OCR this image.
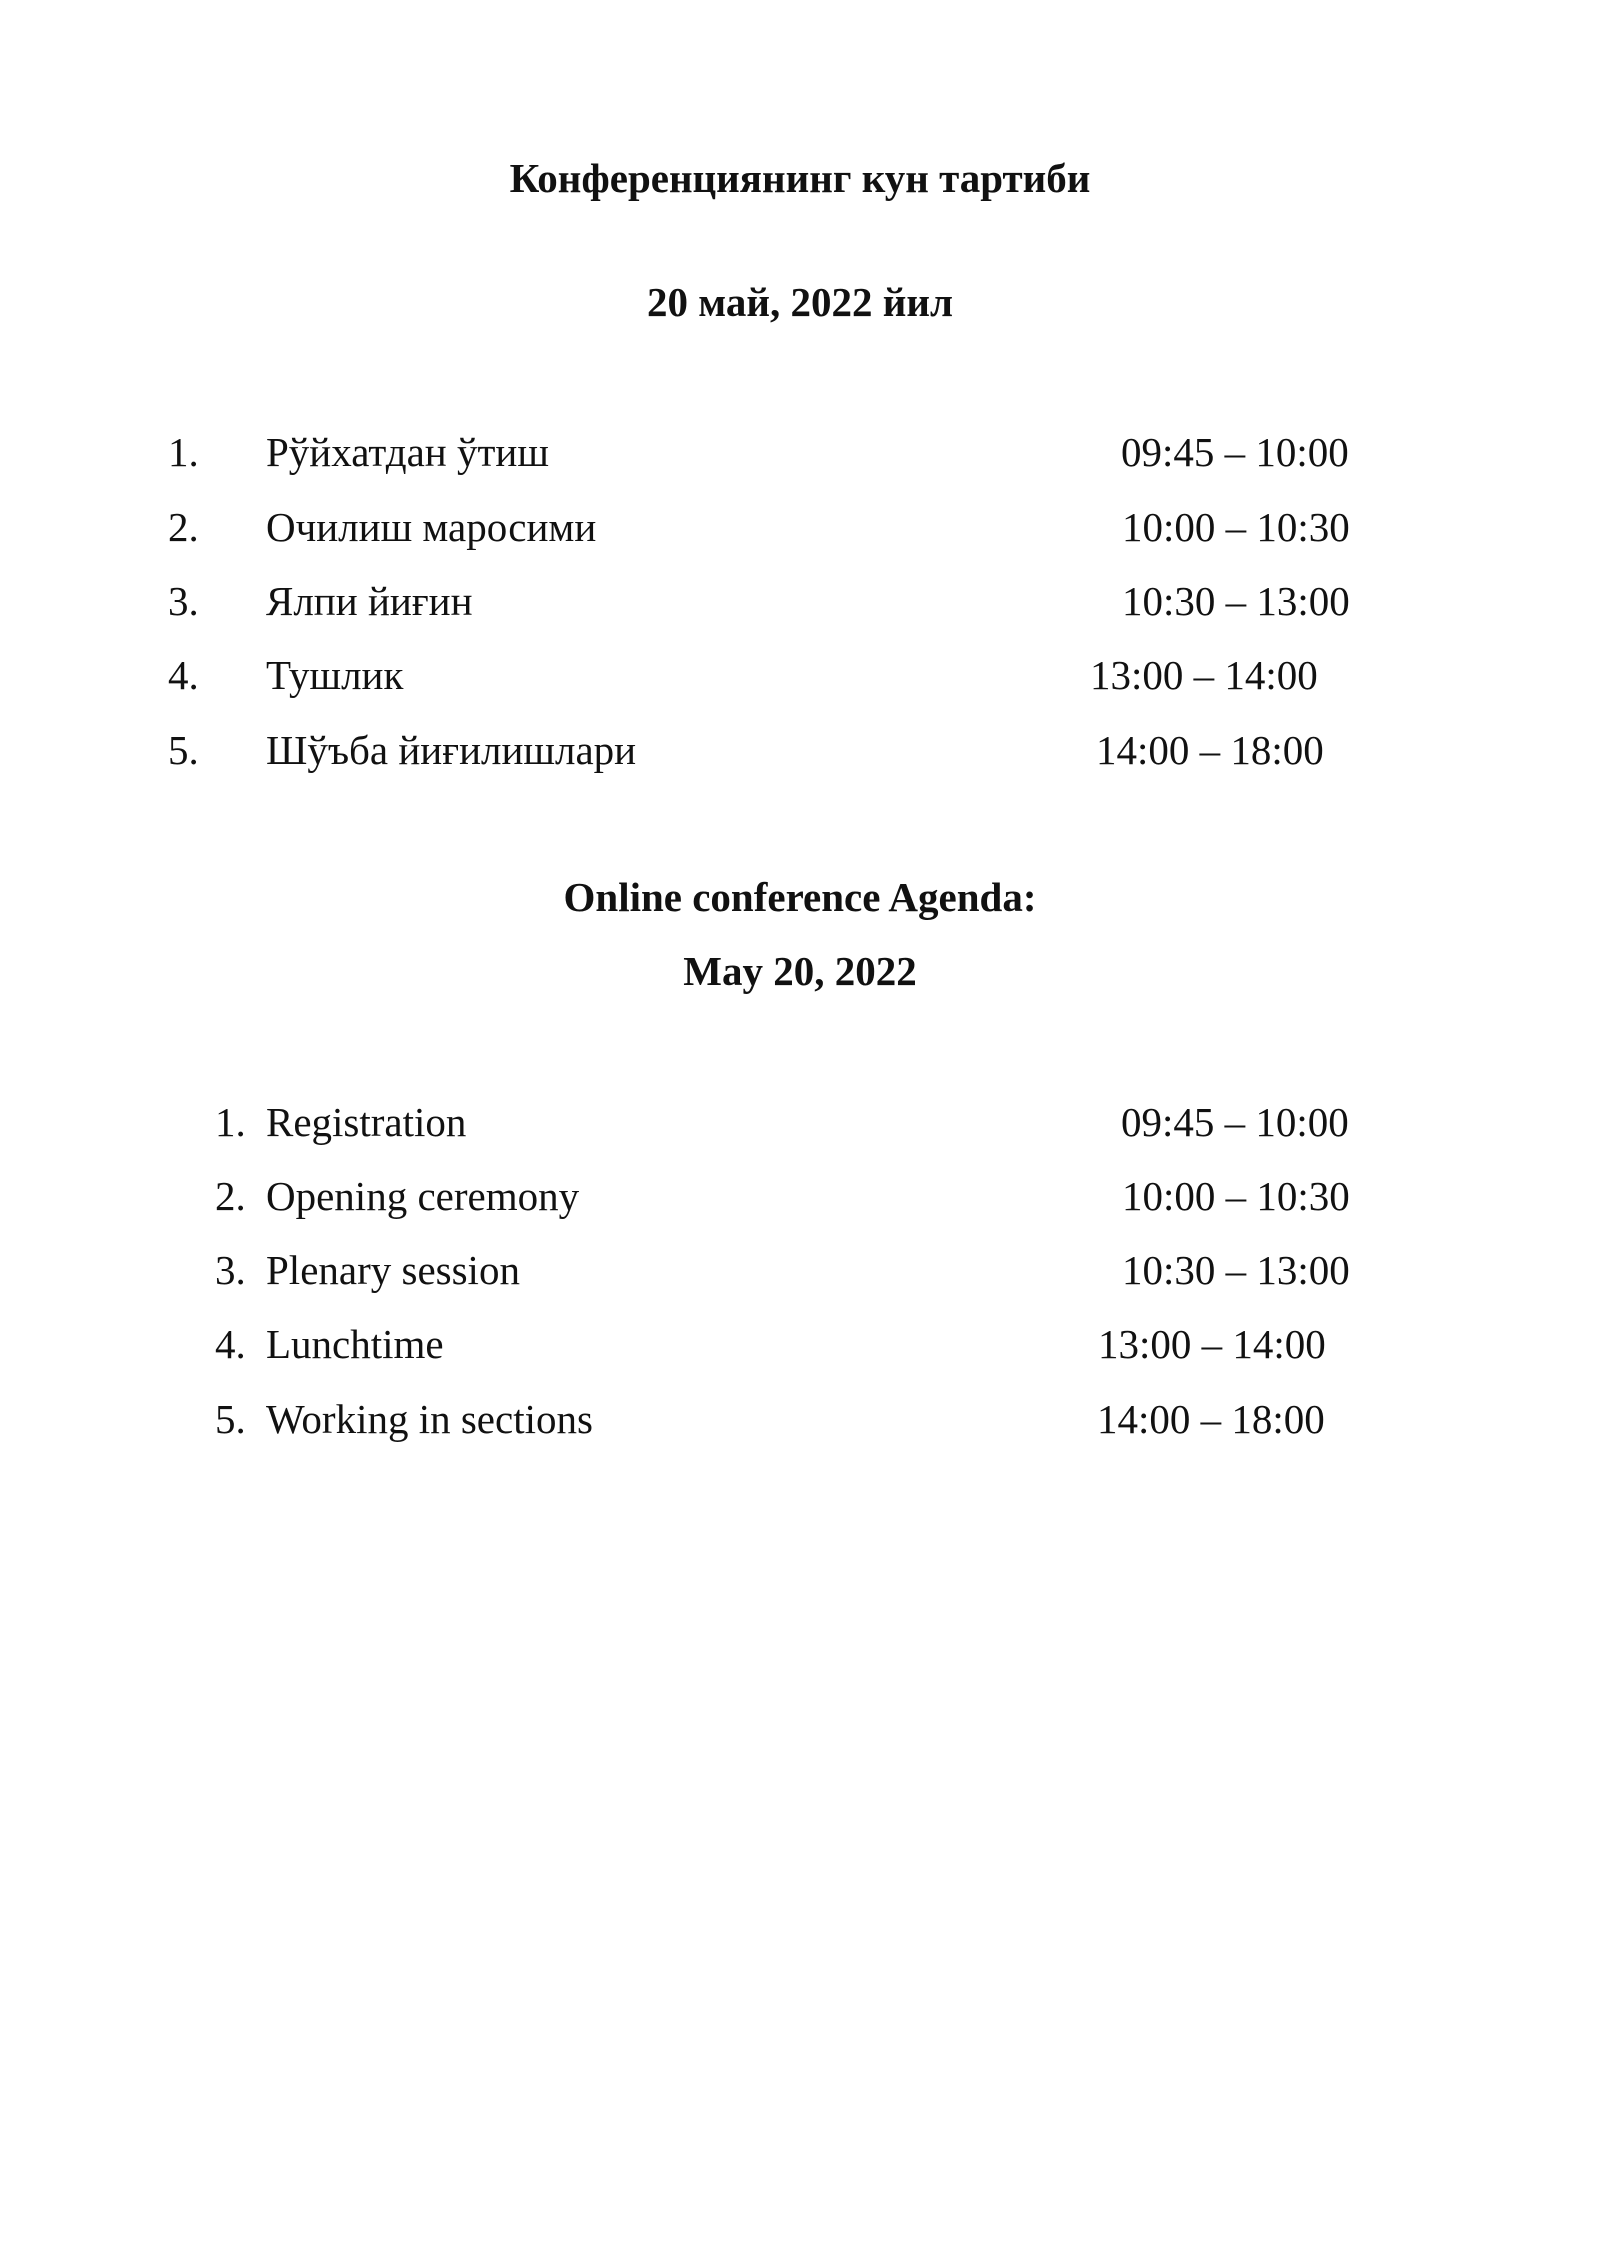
Конференциянинг кун тартиби
20 май, 2022 йил
1. Рўйхатдан ўтиш	09:45 – 10:00
2. Очилиш маросими	10:00 – 10:30
3. Ялпи йиғин	10:30 – 13:00
4. Тушлик	13:00 – 14:00
5. Шўъба йиғилишлари	14:00 – 18:00
Online conference Agenda:
May 20, 2022
1. Registration	09:45 – 10:00
2. Opening ceremony	10:00 – 10:30
3. Plenary session	10:30 – 13:00
4. Lunchtime	13:00 – 14:00
5. Working in sections	14:00 – 18:00
